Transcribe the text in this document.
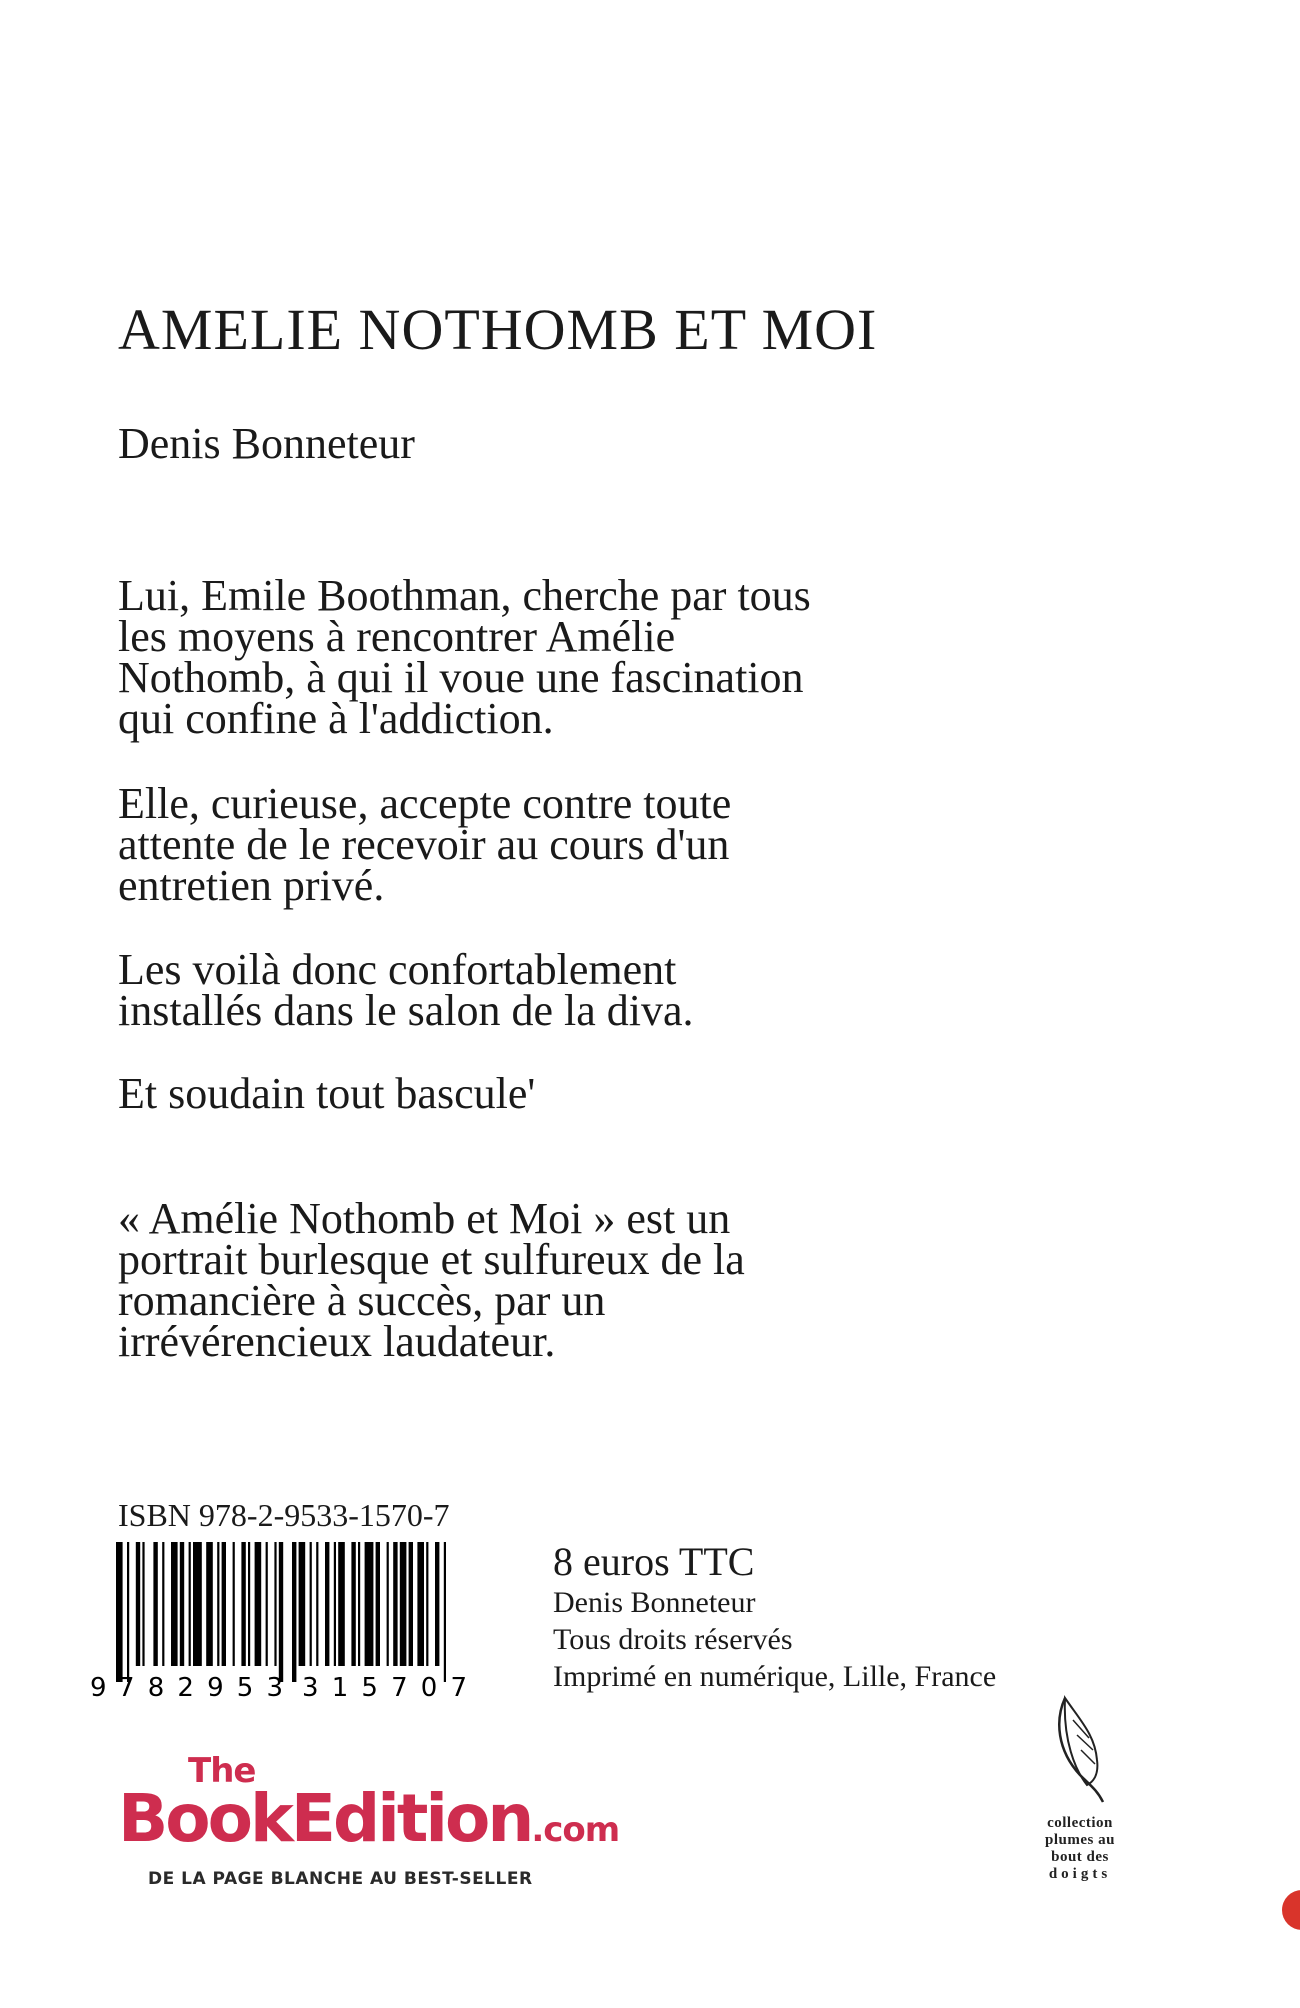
AMELIE NOTHOMB ET MOI
Denis Bonneteur
Lui, Emile Boothman, cherche par tous
les moyens à rencontrer Amélie
Nothomb, à qui il voue une fascination
qui confine à l'addiction.
Elle, curieuse, accepte contre toute
attente de le recevoir au cours d'un
entretien privé.
Les voilà donc confortablement
installés dans le salon de la diva.
Et soudain tout bascule'
« Amélie Nothomb et Moi » est un
portrait burlesque et sulfureux de la
romancière à succès, par un
irrévérencieux laudateur.
ISBN 978-2-9533-1570-7
9 782953 315707
8 euros TTC
Denis Bonneteur
Tous droits réservés
Imprimé en numérique, Lille, France
The
BookEdition.com
DE LA PAGE BLANCHE AU BEST-SELLER
collection
plumes au
bout des
doigts
